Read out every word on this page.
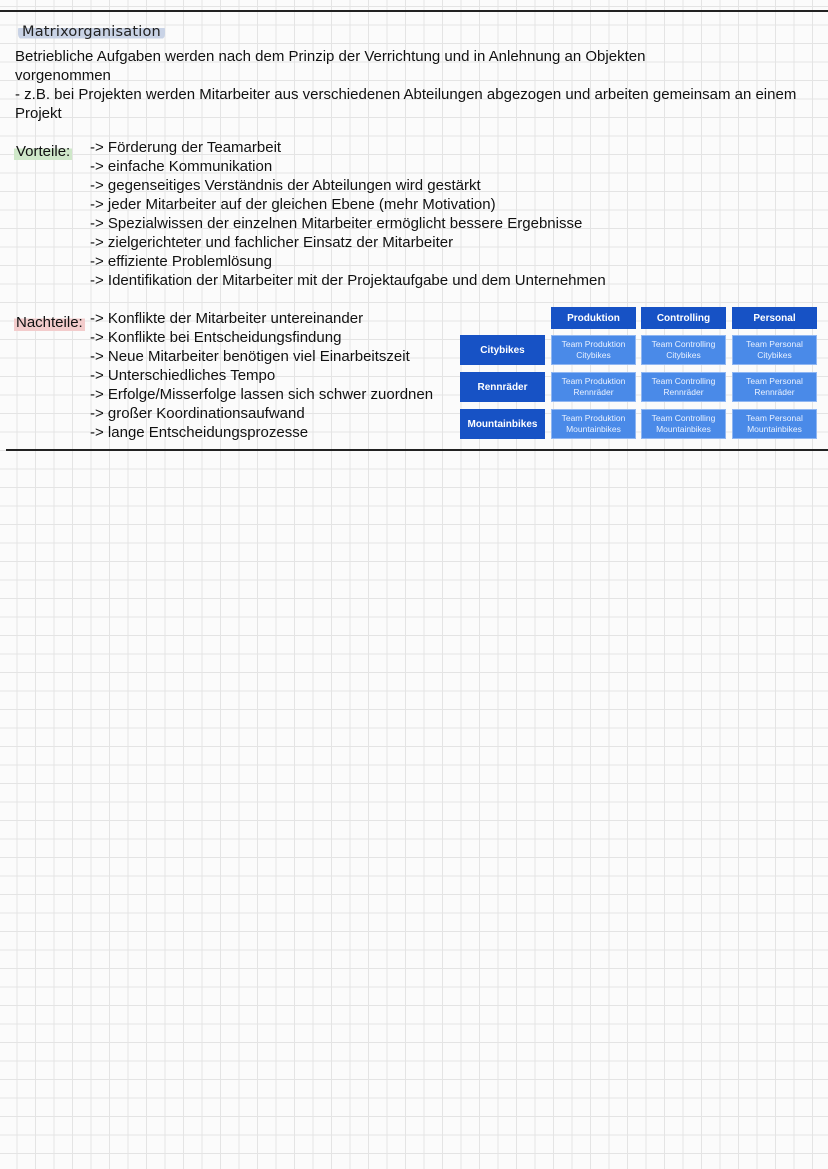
Matrixorganisation
Betriebliche Aufgaben werden nach dem Prinzip der Verrichtung und in Anlehnung an Objekten vorgenommen
- z.B. bei Projekten werden Mitarbeiter aus verschiedenen Abteilungen abgezogen und arbeiten gemeinsam an einem Projekt
Vorteile: -> Förderung der Teamarbeit
-> einfache Kommunikation
-> gegenseitiges Verständnis der Abteilungen wird gestärkt
-> jeder Mitarbeiter auf der gleichen Ebene (mehr Motivation)
-> Spezialwissen der einzelnen Mitarbeiter ermöglicht bessere Ergebnisse
-> zielgerichteter und fachlicher Einsatz der Mitarbeiter
-> effiziente Problemlösung
-> Identifikation der Mitarbeiter mit der Projektaufgabe und dem Unternehmen
Nachteile: -> Konflikte der Mitarbeiter untereinander
-> Konflikte bei Entscheidungsfindung
-> Neue Mitarbeiter benötigen viel Einarbeitszeit
-> Unterschiedliches Tempo
-> Erfolge/Misserfolge lassen sich schwer zuordnen
-> großer Koordinationsaufwand
-> lange Entscheidungsprozesse
Produktion	Controlling	Personal
Citybikes
Rennräder
Mountainbikes
Team Produktion
Citybikes
Team Controlling
Citybikes
Team Personal
Citybikes
Team Produktion
Rennräder
Team Controlling
Rennräder
Team Personal
Rennräder
Team Produktion
Mountainbikes
Team Controlling
Mountainbikes
Team Personal
Mountainbikes
